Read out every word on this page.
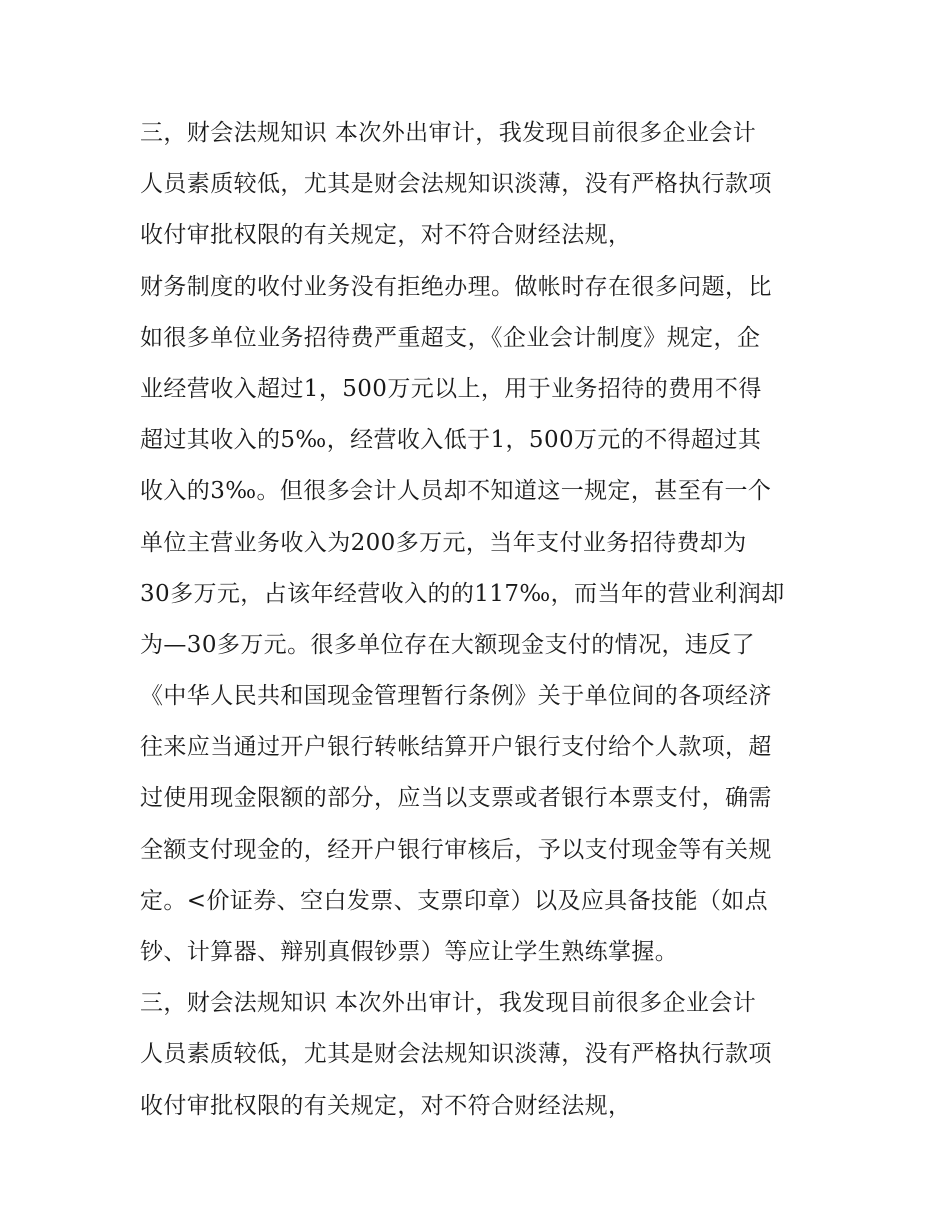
三，财会法规知识 本次外出审计，我发现目前很多企业会计
人员素质较低，尤其是财会法规知识淡薄，没有严格执行款项
收付审批权限的有关规定，对不符合财经法规，
财务制度的收付业务没有拒绝办理。做帐时存在很多问题，比
如很多单位业务招待费严重超支，《企业会计制度》规定，企
业经营收入超过1，500万元以上，用于业务招待的费用不得
超过其收入的5‰，经营收入低于1，500万元的不得超过其
收入的3‰。但很多会计人员却不知道这一规定，甚至有一个
单位主营业务收入为200多万元，当年支付业务招待费却为
30多万元，占该年经营收入的的117‰，而当年的营业利润却
为—30多万元。很多单位存在大额现金支付的情况，违反了
《中华人民共和国现金管理暂行条例》关于单位间的各项经济
往来应当通过开户银行转帐结算开户银行支付给个人款项，超
过使用现金限额的部分，应当以支票或者银行本票支付，确需
全额支付现金的，经开户银行审核后，予以支付现金等有关规
定。<价证券、空白发票、支票印章）以及应具备技能（如点
钞、计算器、辩别真假钞票）等应让学生熟练掌握。
三，财会法规知识 本次外出审计，我发现目前很多企业会计
人员素质较低，尤其是财会法规知识淡薄，没有严格执行款项
收付审批权限的有关规定，对不符合财经法规，
